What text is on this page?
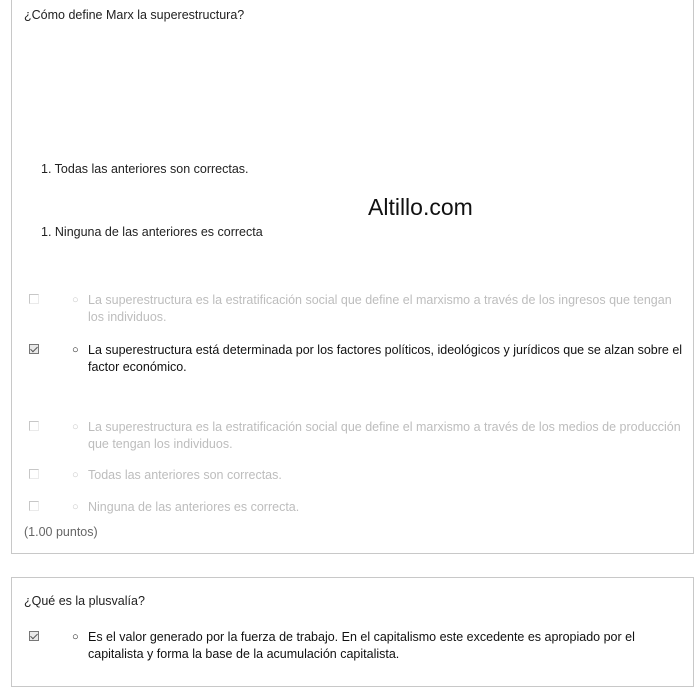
¿Cómo define Marx la superestructura?
1. Todas las anteriores son correctas.
Altillo.com
1. Ninguna de las anteriores es correcta
○ La superestructura es la estratificación social que define el marxismo a través de los ingresos que tengan los individuos.
○ La superestructura está determinada por los factores políticos, ideológicos y jurídicos que se alzan sobre el factor económico.
○ La superestructura es la estratificación social que define el marxismo a través de los medios de producción que tengan los individuos.
○ Todas las anteriores son correctas.
○ Ninguna de las anteriores es correcta.
(1.00 puntos)
¿Qué es la plusvalía?
○ Es el valor generado por la fuerza de trabajo. En el capitalismo este excedente es apropiado por el capitalista y forma la base de la acumulación capitalista.
